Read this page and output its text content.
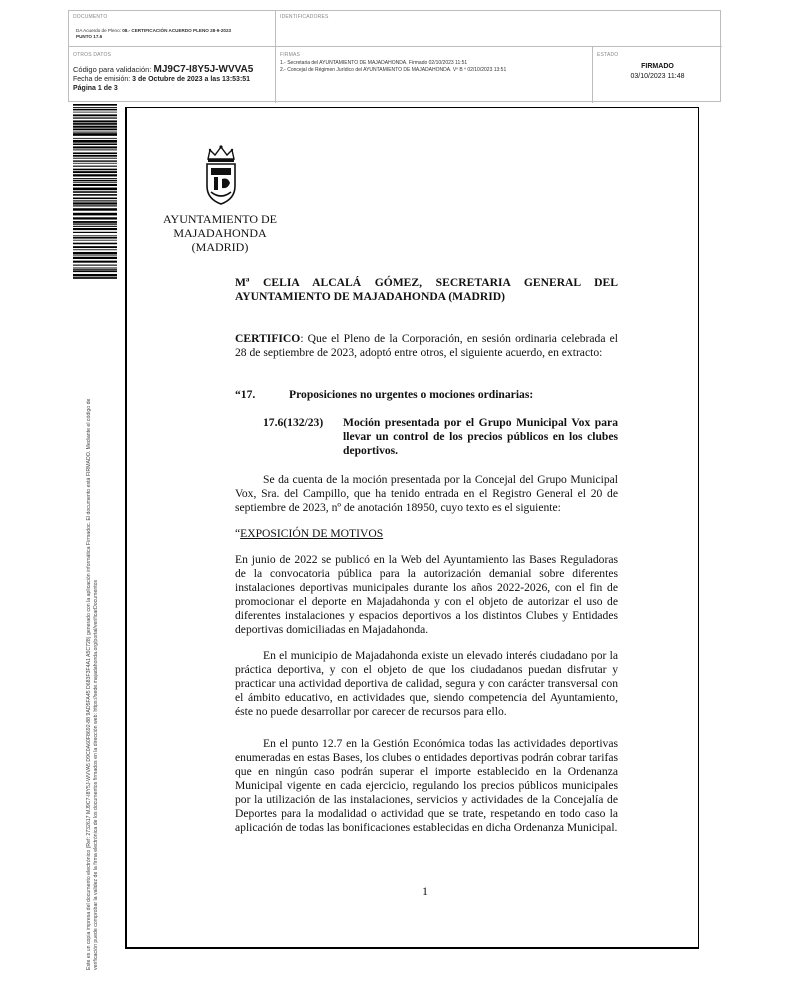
DOCUMENTO
DA Acuerdo de Pleno: 08.- CERTIFICACIÓN ACUERDO PLENO 28-9-2023
PUNTO 17.6
IDENTIFICADORES
OTROS DATOS
Código para validación: MJ9C7-I8Y5J-WVVA5
Fecha de emisión: 3 de Octubre de 2023 a las 13:53:51
Página 1 de 3
FIRMAS
1.- Secretaria del AYUNTAMIENTO DE MAJADAHONDA. Firmado 02/10/2023 11:51
2.- Concejal de Régimen Jurídico del AYUNTAMIENTO DE MAJADAHONDA. Vº B º 02/10/2023 13:51
ESTADO
FIRMADO
03/10/2023 11:48
Este es un copia impresa del documento electrónico (Ref: 2732617 MJ9C7-I8Y5J-WVVA5 D9C0A60F8692-88 9AD5FA45 D683F3F4A1 A5C728) generado con la aplicación informática Firmadoc. El documento está FIRMADO. Mediante el código de verificación puede comprobar la validez de la firma electrónica de los documentos firmados en la dirección web: https://sede.majadahonda.org/portal/verificarDocumentos
AYUNTAMIENTO DE
MAJADAHONDA
(MADRID)
Mª CELIA ALCALÁ GÓMEZ, SECRETARIA GENERAL DEL
AYUNTAMIENTO DE MAJADAHONDA (MADRID)
CERTIFICO: Que el Pleno de la Corporación, en sesión ordinaria celebrada el 28 de septiembre de 2023, adoptó entre otros, el siguiente acuerdo, en extracto:
“17.	Proposiciones no urgentes o mociones ordinarias:
17.6(132/23)	Moción presentada por el Grupo Municipal Vox para llevar un control de los precios públicos en los clubes deportivos.
Se da cuenta de la moción presentada por la Concejal del Grupo Municipal Vox, Sra. del Campillo, que ha tenido entrada en el Registro General el 20 de septiembre de 2023, nº de anotación 18950, cuyo texto es el siguiente:
“EXPOSICIÓN DE MOTIVOS
En junio de 2022 se publicó en la Web del Ayuntamiento las Bases Reguladoras de la convocatoria pública para la autorización demanial sobre diferentes instalaciones deportivas municipales durante los años 2022-2026, con el fin de promocionar el deporte en Majadahonda y con el objeto de autorizar el uso de diferentes instalaciones y espacios deportivos a los distintos Clubes y Entidades deportivas domiciliadas en Majadahonda.
En el municipio de Majadahonda existe un elevado interés ciudadano por la práctica deportiva, y con el objeto de que los ciudadanos puedan disfrutar y practicar una actividad deportiva de calidad, segura y con carácter transversal con el ámbito educativo, en actividades que, siendo competencia del Ayuntamiento, éste no puede desarrollar por carecer de recursos para ello.
En el punto 12.7 en la Gestión Económica todas las actividades deportivas enumeradas en estas Bases, los clubes o entidades deportivas podrán cobrar tarifas que en ningún caso podrán superar el importe establecido en la Ordenanza Municipal vigente en cada ejercicio, regulando los precios públicos municipales por la utilización de las instalaciones, servicios y actividades de la Concejalía de Deportes para la modalidad o actividad que se trate, respetando en todo caso la aplicación de todas las bonificaciones establecidas en dicha Ordenanza Municipal.
1
